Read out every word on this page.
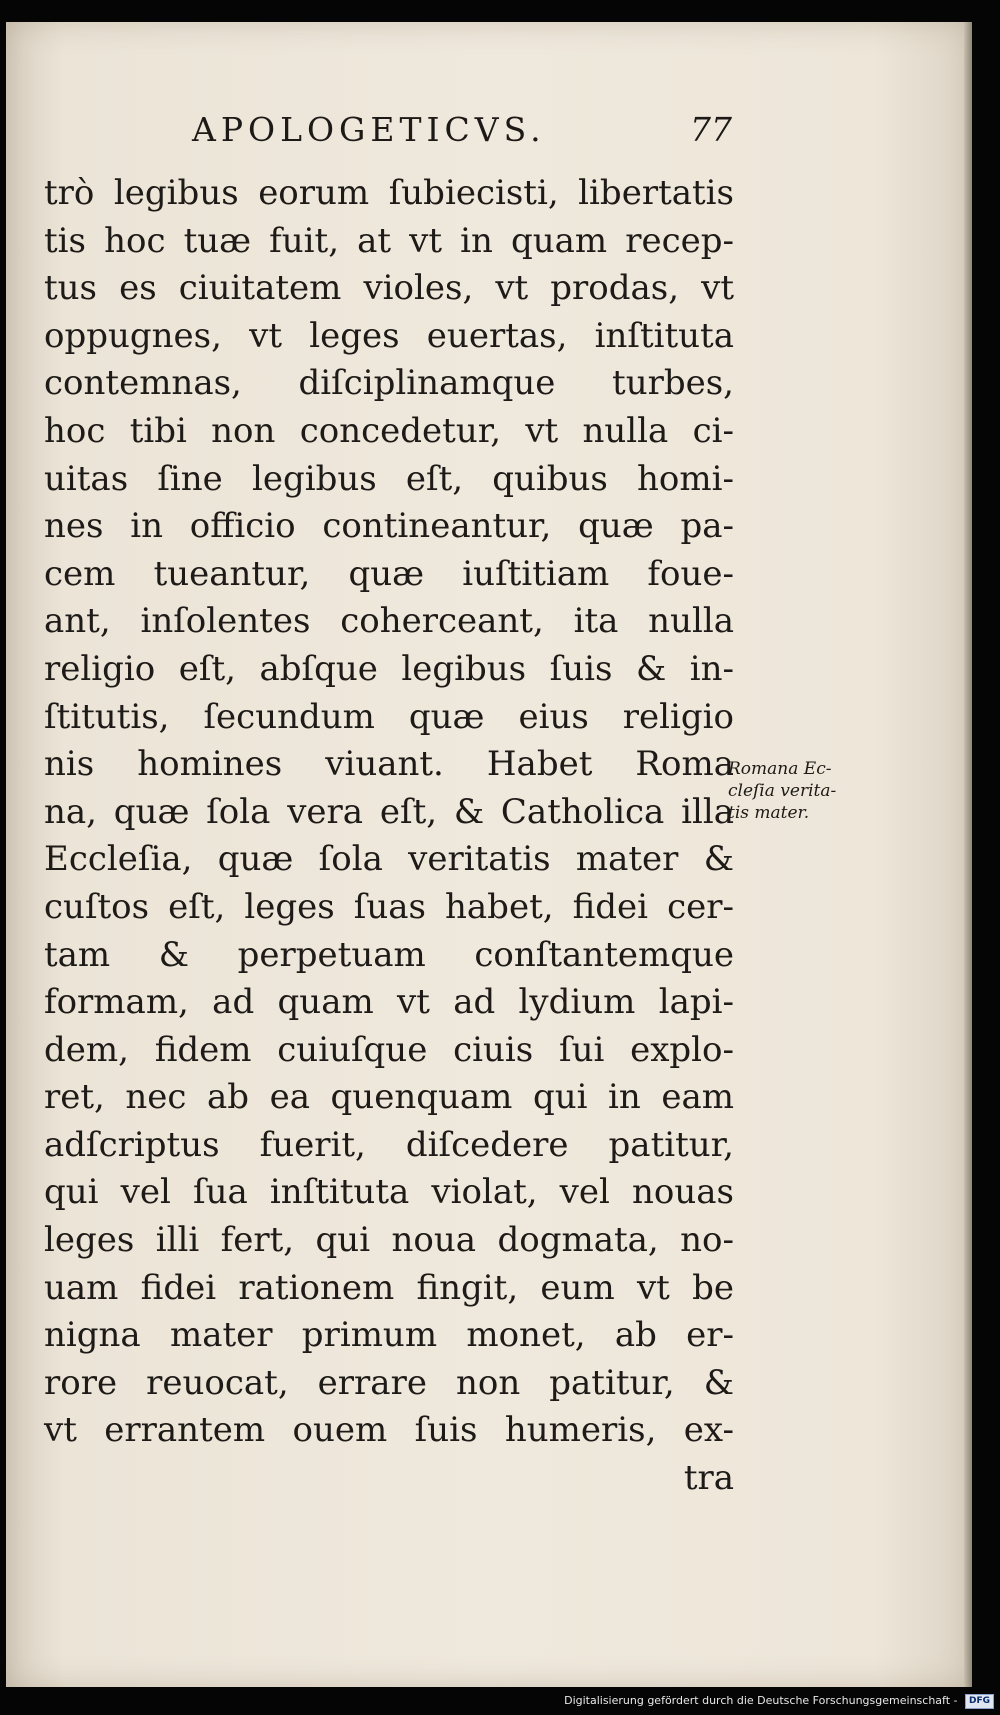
APOLOGETICVS.	77
trò legibus eorum ſubiecisti, libertatis
tis hoc tuæ fuit, at vt in quam recep-
tus es ciuitatem violes, vt prodas, vt
oppugnes, vt leges euertas, inſtituta
contemnas, diſciplinamque turbes,
hoc tibi non concedetur, vt nulla ci-
uitas ſine legibus eſt, quibus homi-
nes in officio contineantur, quæ pa-
cem tueantur, quæ iuſtitiam foue-
ant, inſolentes coherceant, ita nulla
religio eſt, abſque legibus ſuis & in-
ſtitutis, ſecundum quæ eius religio
nis homines viuant. Habet Roma
na, quæ ſola vera eſt, & Catholica illa
Eccleſia, quæ ſola veritatis mater &
cuſtos eſt, leges ſuas habet, fidei cer-
tam & perpetuam conſtantemque
formam, ad quam vt ad lydium lapi-
dem, fidem cuiuſque ciuis ſui explo-
ret, nec ab ea quenquam qui in eam
adſcriptus fuerit, diſcedere patitur,
qui vel ſua inſtituta violat, vel nouas
leges illi fert, qui noua dogmata, no-
uam fidei rationem fingit, eum vt be
nigna mater primum monet, ab er-
rore reuocat, errare non patitur, &
vt errantem ouem ſuis humeris, ex-
tra
Romana Ec-
cleſia verita-
tis mater.
Digitalisierung gefördert durch die Deutsche Forschungsgemeinschaft - DFG
